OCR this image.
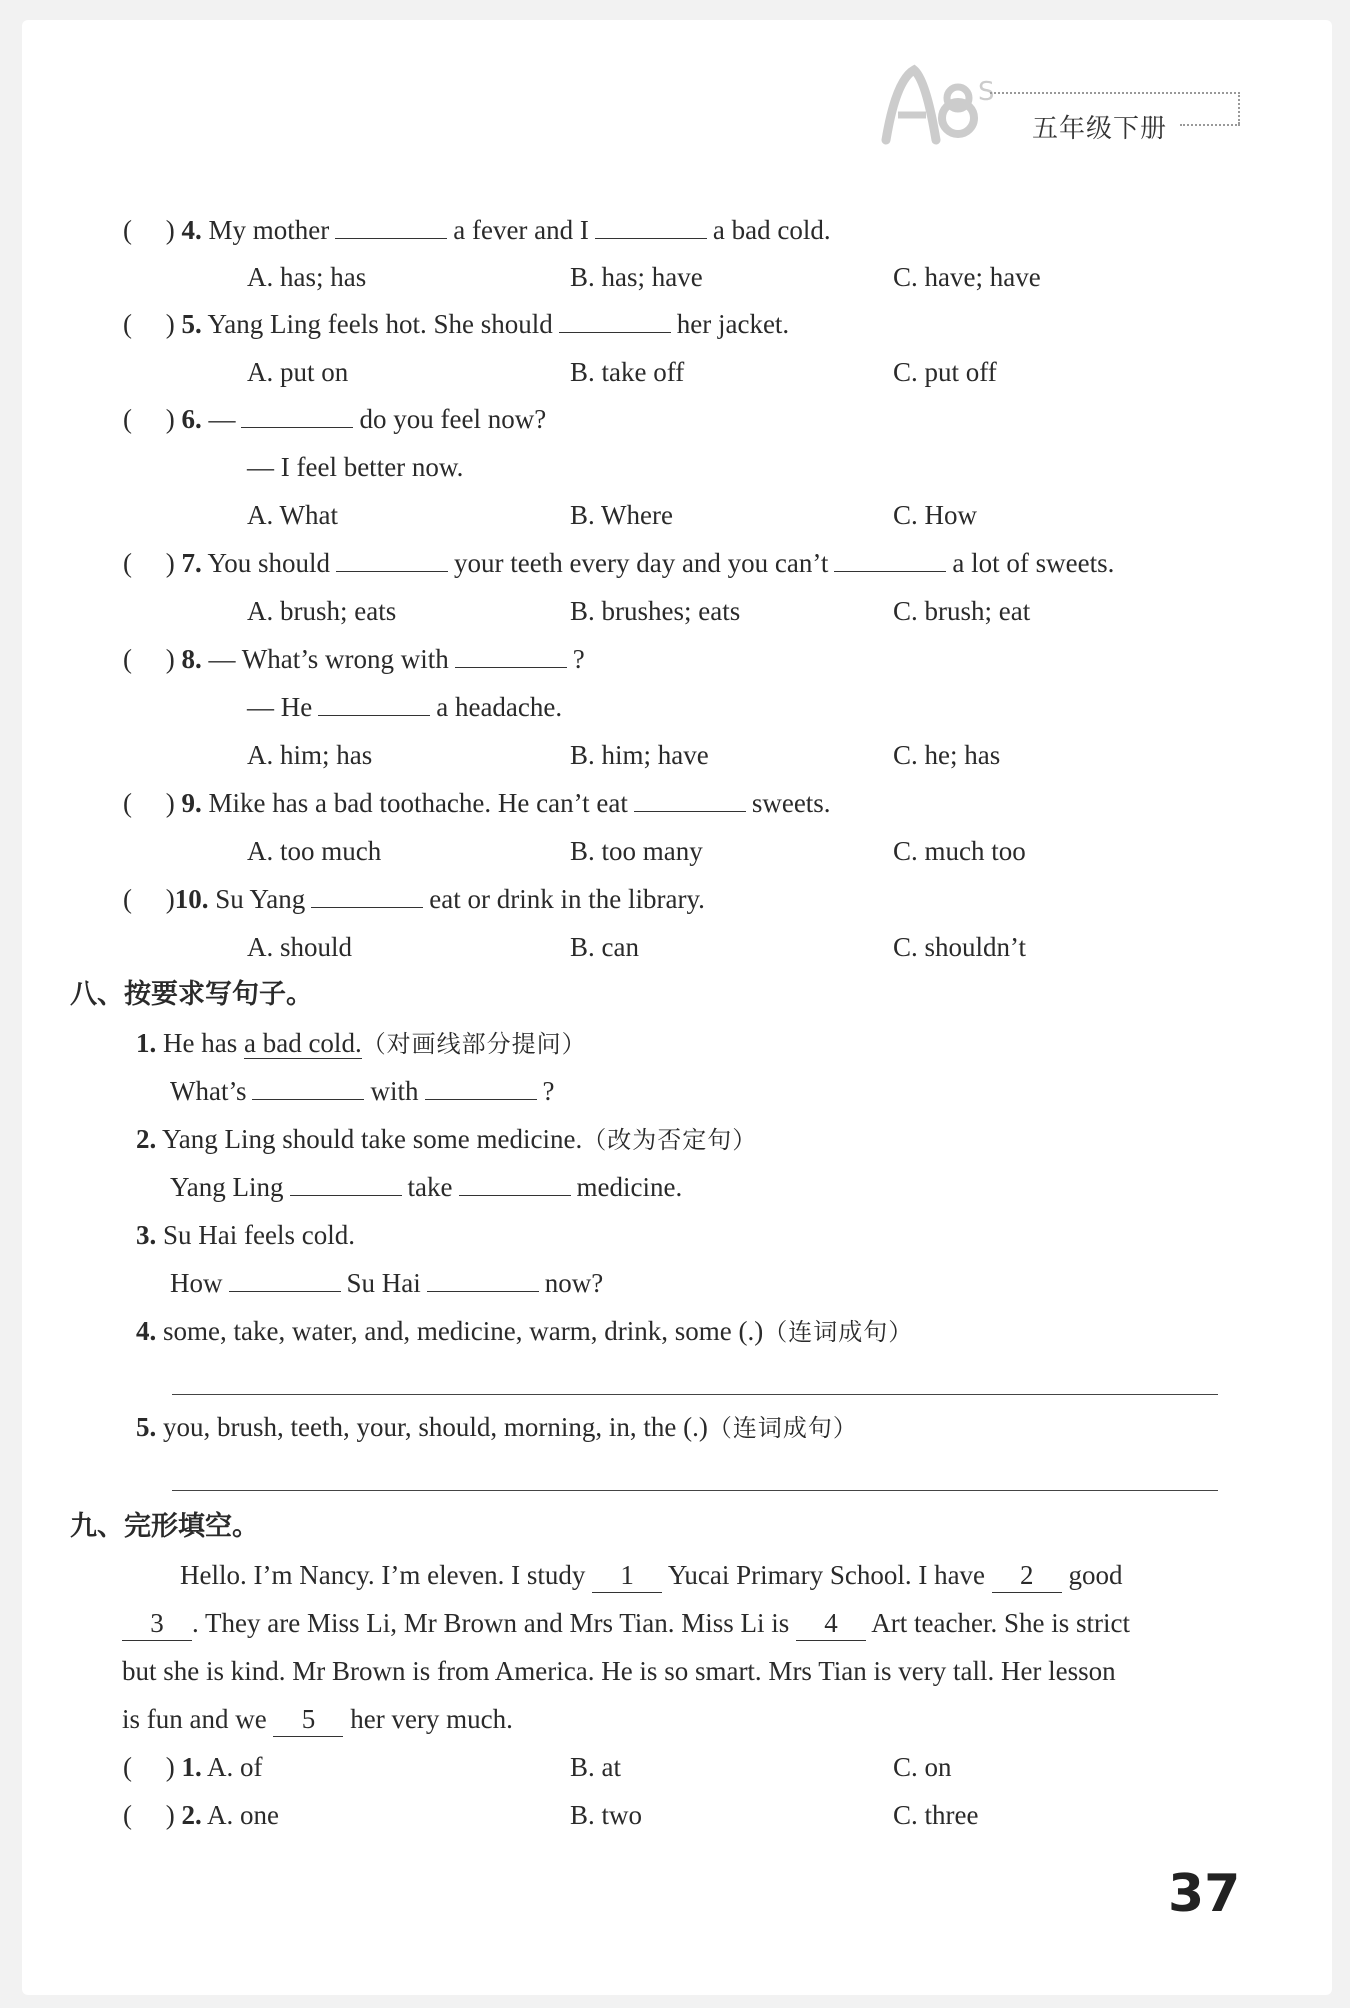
S
五年级下册
(     ) 4. My mother	a fever and I	a bad cold.
A. has; has	B. has; have	C. have; have
(     ) 5. Yang Ling feels hot. She should	her jacket.
A. put on	B. take off	C. put off
(     ) 6. —	do you feel now?
— I feel better now.
A. What	B. Where	C. How
(     ) 7. You should	your teeth every day and you can’t	a lot of sweets.
A. brush; eats	B. brushes; eats	C. brush; eat
(     ) 8. — What’s wrong with	?
— He	a headache.
A. him; has	B. him; have	C. he; has
(     ) 9. Mike has a bad toothache. He can’t eat	sweets.
A. too much	B. too many	C. much too
(     )10. Su Yang	eat or drink in the library.
A. should	B. can	C. shouldn’t
八、按要求写句子。
1. He has a bad cold.（对画线部分提问）
What’s	with	?
2. Yang Ling should take some medicine.（改为否定句）
Yang Ling	take	medicine.
3. Su Hai feels cold.
How	Su Hai	now?
4. some, take, water, and, medicine, warm, drink, some (.)（连词成句）
5. you, brush, teeth, your, should, morning, in, the (.)（连词成句）
九、完形填空。
Hello. I’m Nancy. I’m eleven. I study 1 Yucai Primary School. I have 2 good
3 . They are Miss Li, Mr Brown and Mrs Tian. Miss Li is 4 Art teacher. She is strict
but she is kind. Mr Brown is from America. He is so smart. Mrs Tian is very tall. Her lesson
is fun and we 5 her very much.
(     ) 1. A. of	B. at	C. on
(     ) 2. A. one	B. two	C. three
37
